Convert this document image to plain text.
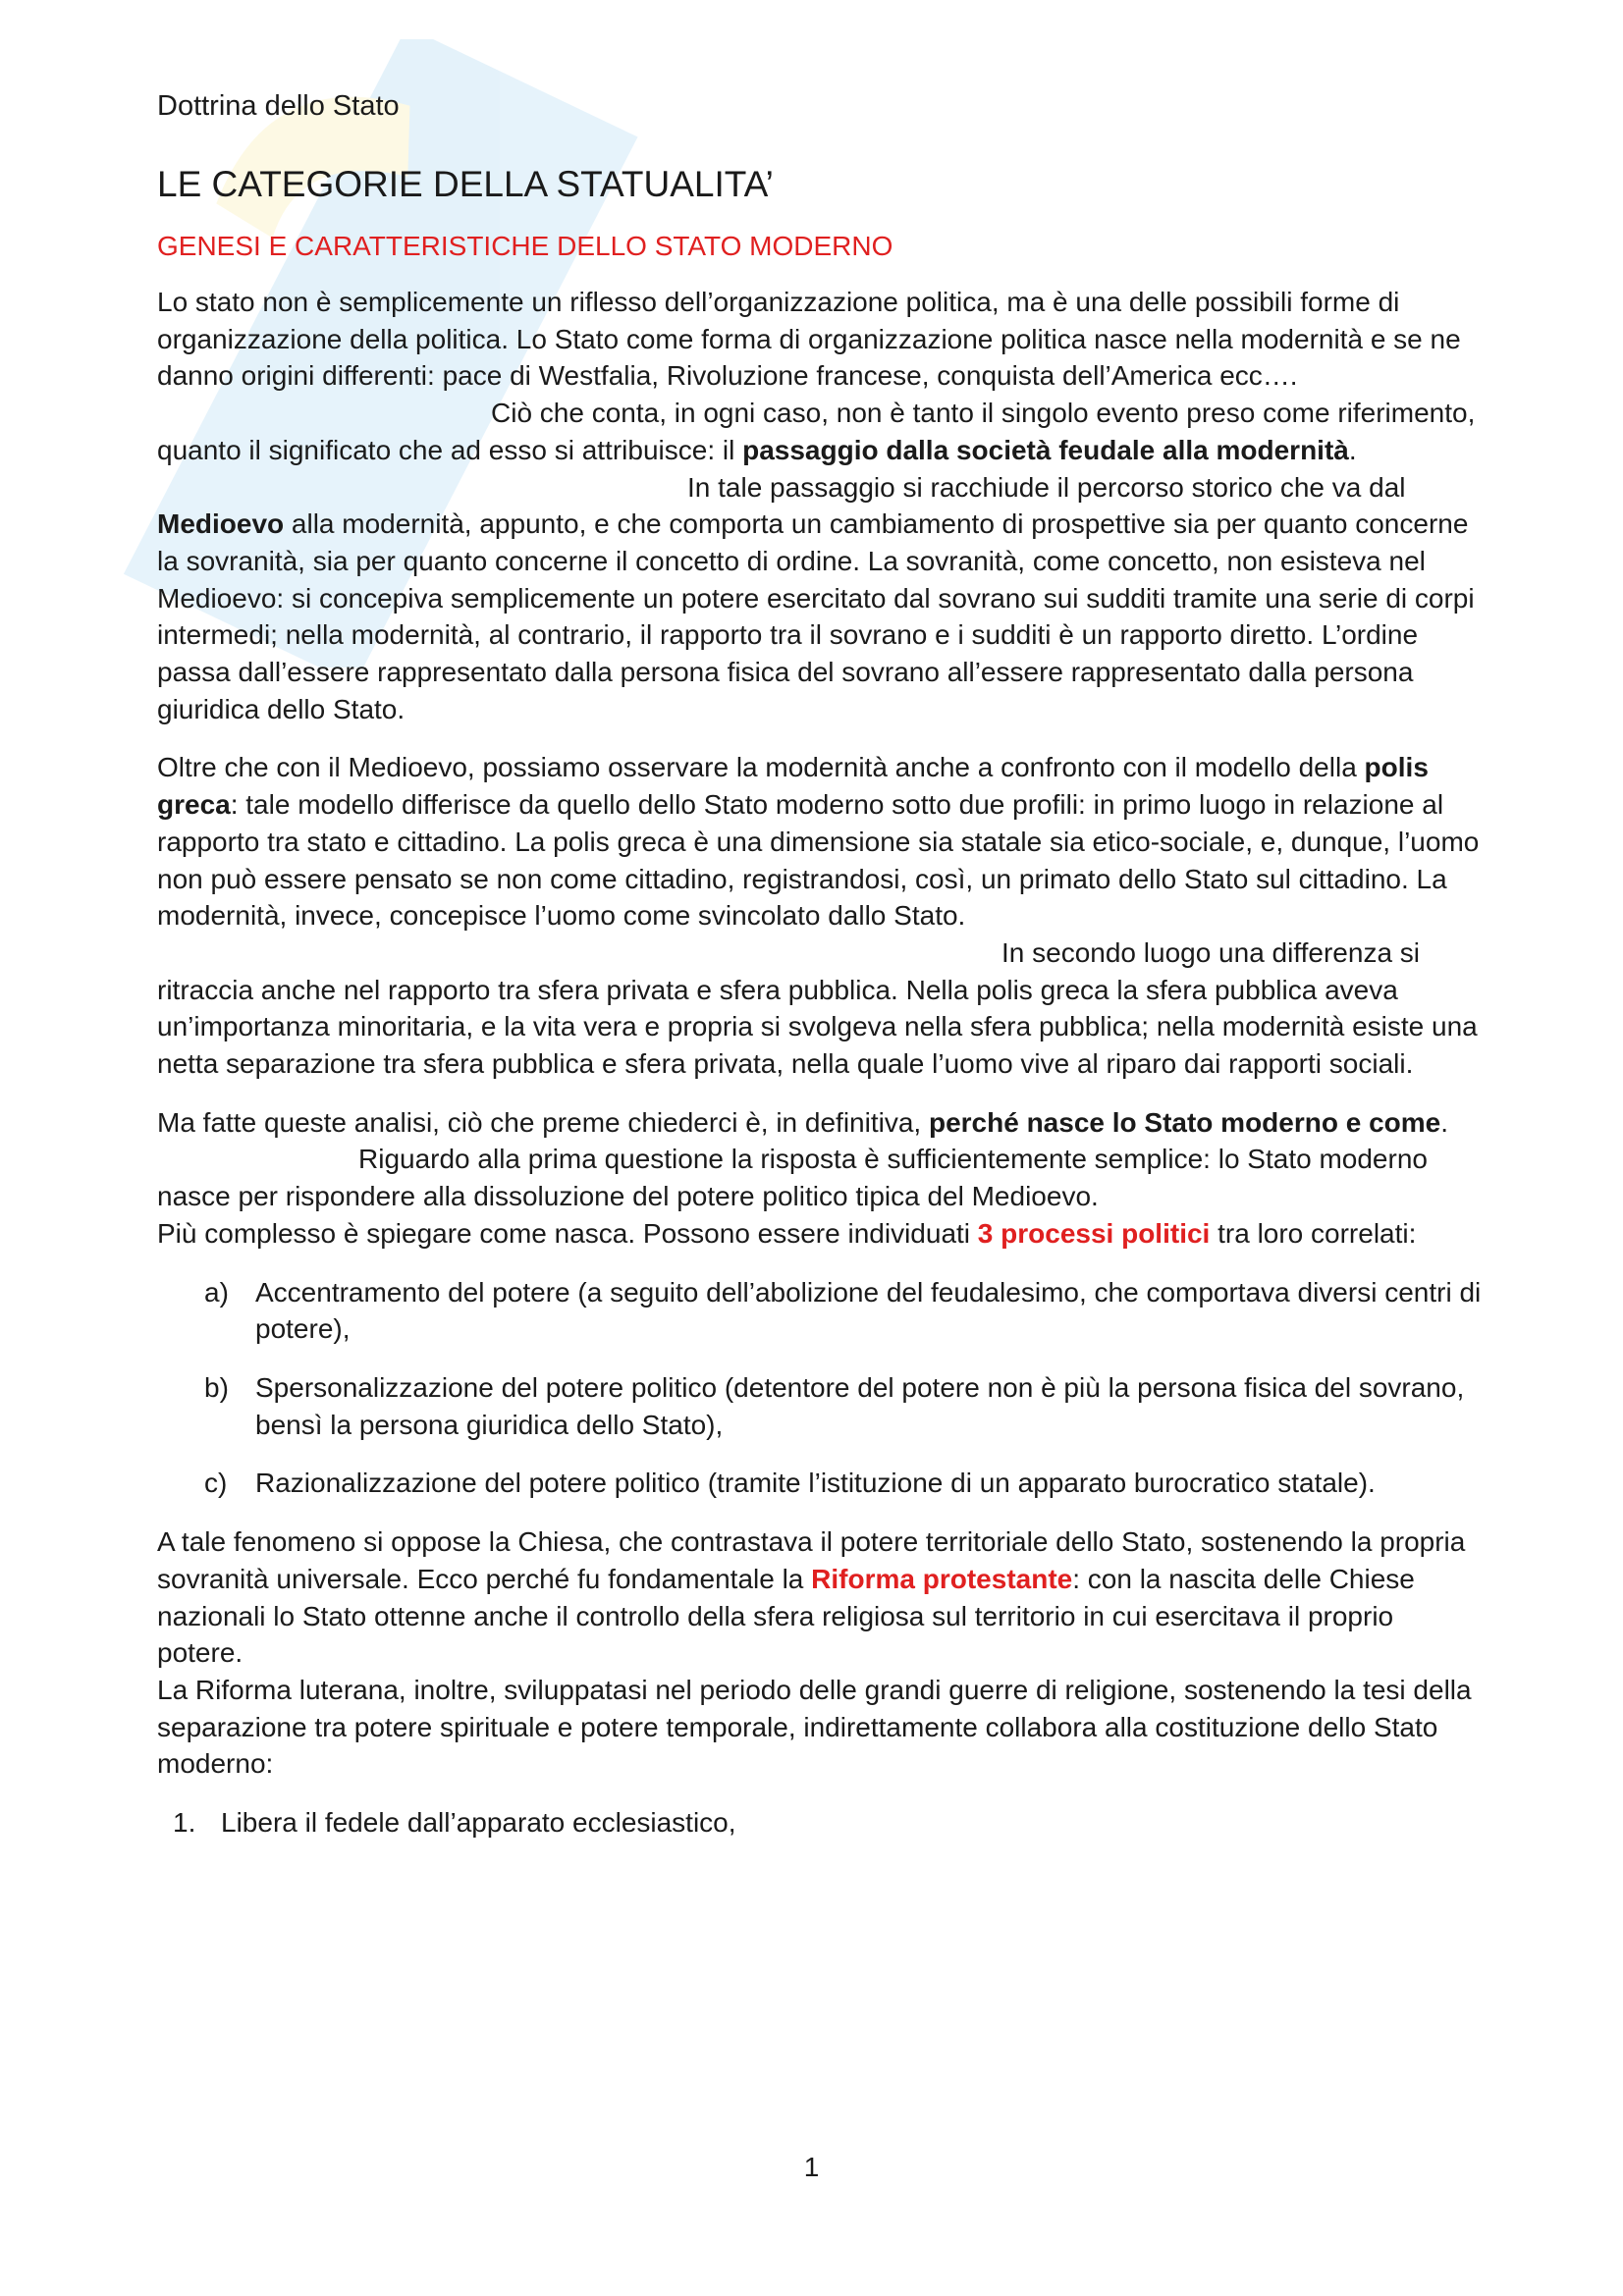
Dottrina dello Stato
LE CATEGORIE DELLA STATUALITA’
GENESI E CARATTERISTICHE DELLO STATO MODERNO

Lo stato non è semplicemente un riflesso dell’organizzazione politica, ma è una delle possibili forme di organizzazione della politica. Lo Stato come forma di organizzazione politica nasce nella modernità e se ne danno origini differenti: pace di Westfalia, Rivoluzione francese, conquista dell’America ecc….Ciò che conta, in ogni caso, non è tanto il singolo evento preso come riferimento, quanto il significato che ad esso si attribuisce: il passaggio dalla società feudale alla modernità.In tale passaggio si racchiude il percorso storico che va dal Medioevo alla modernità, appunto, e che comporta un cambiamento di prospettive sia per quanto concerne la sovranità, sia per quanto concerne il concetto di ordine. La sovranità, come concetto, non esisteva nel Medioevo: si concepiva semplicemente un potere esercitato dal sovrano sui sudditi tramite una serie di corpi intermedi; nella modernità, al contrario, il rapporto tra il sovrano e i sudditi è un rapporto diretto. L’ordine passa dall’essere rappresentato dalla persona fisica del sovrano all’essere rappresentato dalla persona giuridica dello Stato.

Oltre che con il Medioevo, possiamo osservare la modernità anche a confronto con il modello della polis greca: tale modello differisce da quello dello Stato moderno sotto due profili: in primo luogo in relazione al rapporto tra stato e cittadino. La polis greca è una dimensione sia statale sia etico-sociale, e, dunque, l’uomo non può essere pensato se non come cittadino, registrandosi, così, un primato dello Stato sul cittadino. La modernità, invece, concepisce l’uomo come svincolato dallo Stato.In secondo luogo una differenza si ritraccia anche nel rapporto tra sfera privata e sfera pubblica. Nella polis greca la sfera pubblica aveva un’importanza minoritaria, e la vita vera e propria si svolgeva nella sfera pubblica; nella modernità esiste una netta separazione tra sfera pubblica e sfera privata, nella quale l’uomo vive al riparo dai rapporti sociali.

Ma fatte queste analisi, ciò che preme chiederci è, in definitiva, perché nasce lo Stato moderno e come.Riguardo alla prima questione la risposta è sufficientemente semplice: lo Stato moderno nasce per rispondere alla dissoluzione del potere politico tipica del Medioevo.
Più complesso è spiegare come nasca. Possono essere individuati 3 processi politici tra loro correlati:

a) Accentramento del potere (a seguito dell’abolizione del feudalesimo, che comportava diversi centri di potere),
b) Spersonalizzazione del potere politico (detentore del potere non è più la persona fisica del sovrano, bensì la persona giuridica dello Stato),
c) Razionalizzazione del potere politico (tramite l’istituzione di un apparato burocratico statale).

A tale fenomeno si oppose la Chiesa, che contrastava il potere territoriale dello Stato, sostenendo la propria sovranità universale. Ecco perché fu fondamentale la Riforma protestante: con la nascita delle Chiese nazionali lo Stato ottenne anche il controllo della sfera religiosa sul territorio in cui esercitava il proprio potere.
La Riforma luterana, inoltre, sviluppatasi nel periodo delle grandi guerre di religione, sostenendo la tesi della separazione tra potere spirituale e potere temporale, indirettamente collabora alla costituzione dello Stato moderno:

1. Libera il fedele dall’apparato ecclesiastico,
1
